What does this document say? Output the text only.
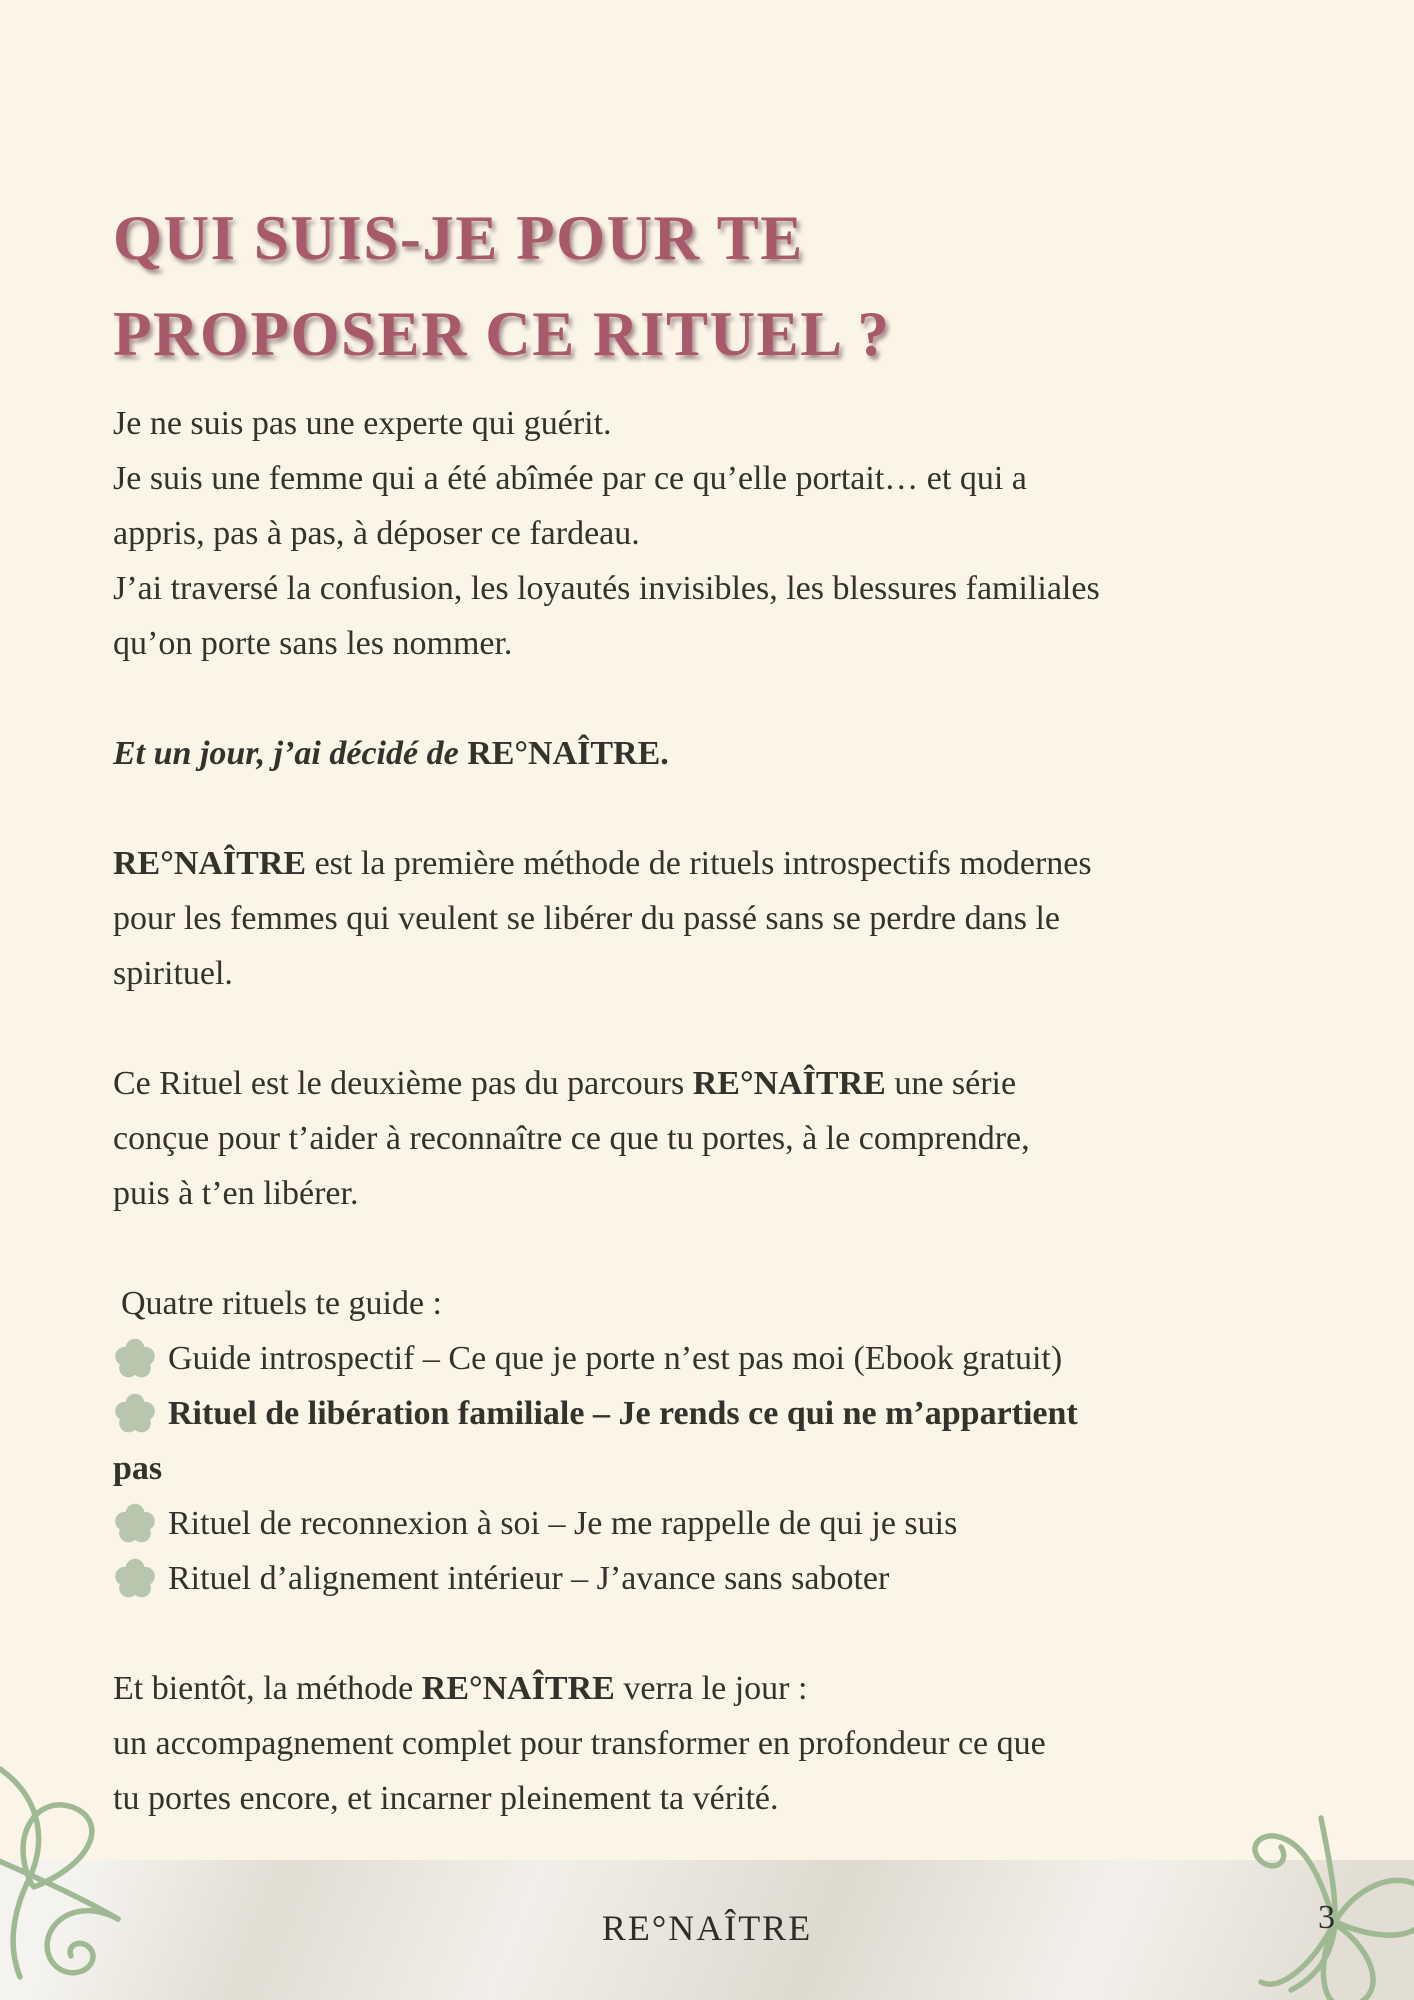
QUI SUIS-JE POUR TE
PROPOSER CE RITUEL ?

Je ne suis pas une experte qui guérit.
Je suis une femme qui a été abîmée par ce qu’elle portait… et qui a
appris, pas à pas, à déposer ce fardeau.
J’ai traversé la confusion, les loyautés invisibles, les blessures familiales
qu’on porte sans les nommer.

Et un jour, j’ai décidé de RE°NAÎTRE.

RE°NAÎTRE est la première méthode de rituels introspectifs modernes
pour les femmes qui veulent se libérer du passé sans se perdre dans le
spirituel.

Ce Rituel est le deuxième pas du parcours RE°NAÎTRE une série
conçue pour t’aider à reconnaître ce que tu portes, à le comprendre,
puis à t’en libérer.

Quatre rituels te guide :

Guide introspectif – Ce que je porte n’est pas moi (Ebook gratuit)
Rituel de libération familiale – Je rends ce qui ne m’appartient
pas
Rituel de reconnexion à soi – Je me rappelle de qui je suis
Rituel d’alignement intérieur – J’avance sans saboter

Et bientôt, la méthode RE°NAÎTRE verra le jour :
un accompagnement complet pour transformer en profondeur ce que
tu portes encore, et incarner pleinement ta vérité.

3
RE°NAÎTRE
